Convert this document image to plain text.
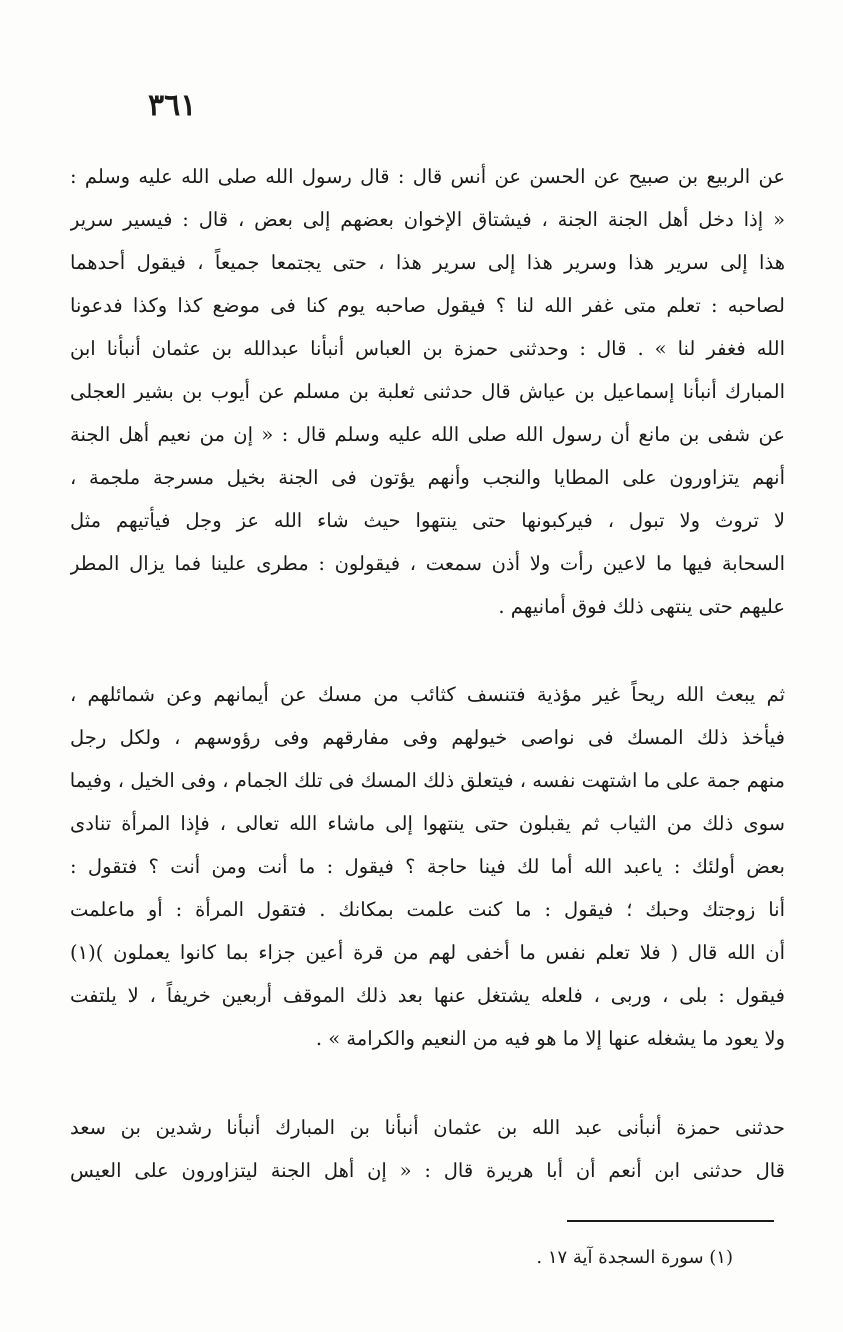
٣٦١
عن الربيع بن صبيح عن الحسن عن أنس قال : قال رسول الله صلى الله عليه وسلم :
« إذا دخل أهل الجنة الجنة ، فيشتاق الإخوان بعضهم إلى بعض ، قال : فيسير سرير
هذا إلى سرير هذا وسرير هذا إلى سرير هذا ، حتى يجتمعا جميعاً ، فيقول أحدهما
لصاحبه : تعلم متى غفر الله لنا ؟ فيقول صاحبه يوم كنا فى موضع كذا وكذا فدعونا
الله فغفر لنا » . قال : وحدثنى حمزة بن العباس أنبأنا عبدالله بن عثمان أنبأنا ابن
المبارك أنبأنا إسماعيل بن عياش قال حدثنى ثعلبة بن مسلم عن أيوب بن بشير العجلى
عن شفى بن مانع أن رسول الله صلى الله عليه وسلم قال : « إن من نعيم أهل الجنة
أنهم يتزاورون على المطايا والنجب وأنهم يؤتون فى الجنة بخيل مسرجة ملجمة ،
لا تروث ولا تبول ، فيركبونها حتى ينتهوا حيث شاء الله عز وجل فيأتيهم مثل
السحابة فيها ما لاعين رأت ولا أذن سمعت ، فيقولون : مطرى علينا فما يزال المطر
عليهم حتى ينتهى ذلك فوق أمانيهم .
ثم يبعث الله ريحاً غير مؤذية فتنسف كثائب من مسك عن أيمانهم وعن شمائلهم ،
فيأخذ ذلك المسك فى نواصى خيولهم وفى مفارقهم وفى رؤوسهم ، ولكل رجل
منهم جمة على ما اشتهت نفسه ، فيتعلق ذلك المسك فى تلك الجمام ، وفى الخيل ، وفيما
سوى ذلك من الثياب ثم يقبلون حتى ينتهوا إلى ماشاء الله تعالى ، فإذا المرأة تنادى
بعض أولئك : ياعبد الله أما لك فينا حاجة ؟ فيقول : ما أنت ومن أنت ؟ فتقول :
أنا زوجتك وحبك ؛ فيقول : ما كنت علمت بمكانك . فتقول المرأة : أو ماعلمت
أن الله قال ( فلا تعلم نفس ما أخفى لهم من قرة أعين جزاء بما كانوا يعملون )(١)
فيقول : بلى ، وربى ، فلعله يشتغل عنها بعد ذلك الموقف أربعين خريفاً ، لا يلتفت
ولا يعود ما يشغله عنها إلا ما هو فيه من النعيم والكرامة » .
حدثنى حمزة أنبأنى عبد الله بن عثمان أنبأنا بن المبارك أنبأنا رشدين بن سعد
قال حدثنى ابن أنعم أن أبا هريرة قال : « إن أهل الجنة ليتزاورون على العيس
(١) سورة السجدة آية ١٧ .
